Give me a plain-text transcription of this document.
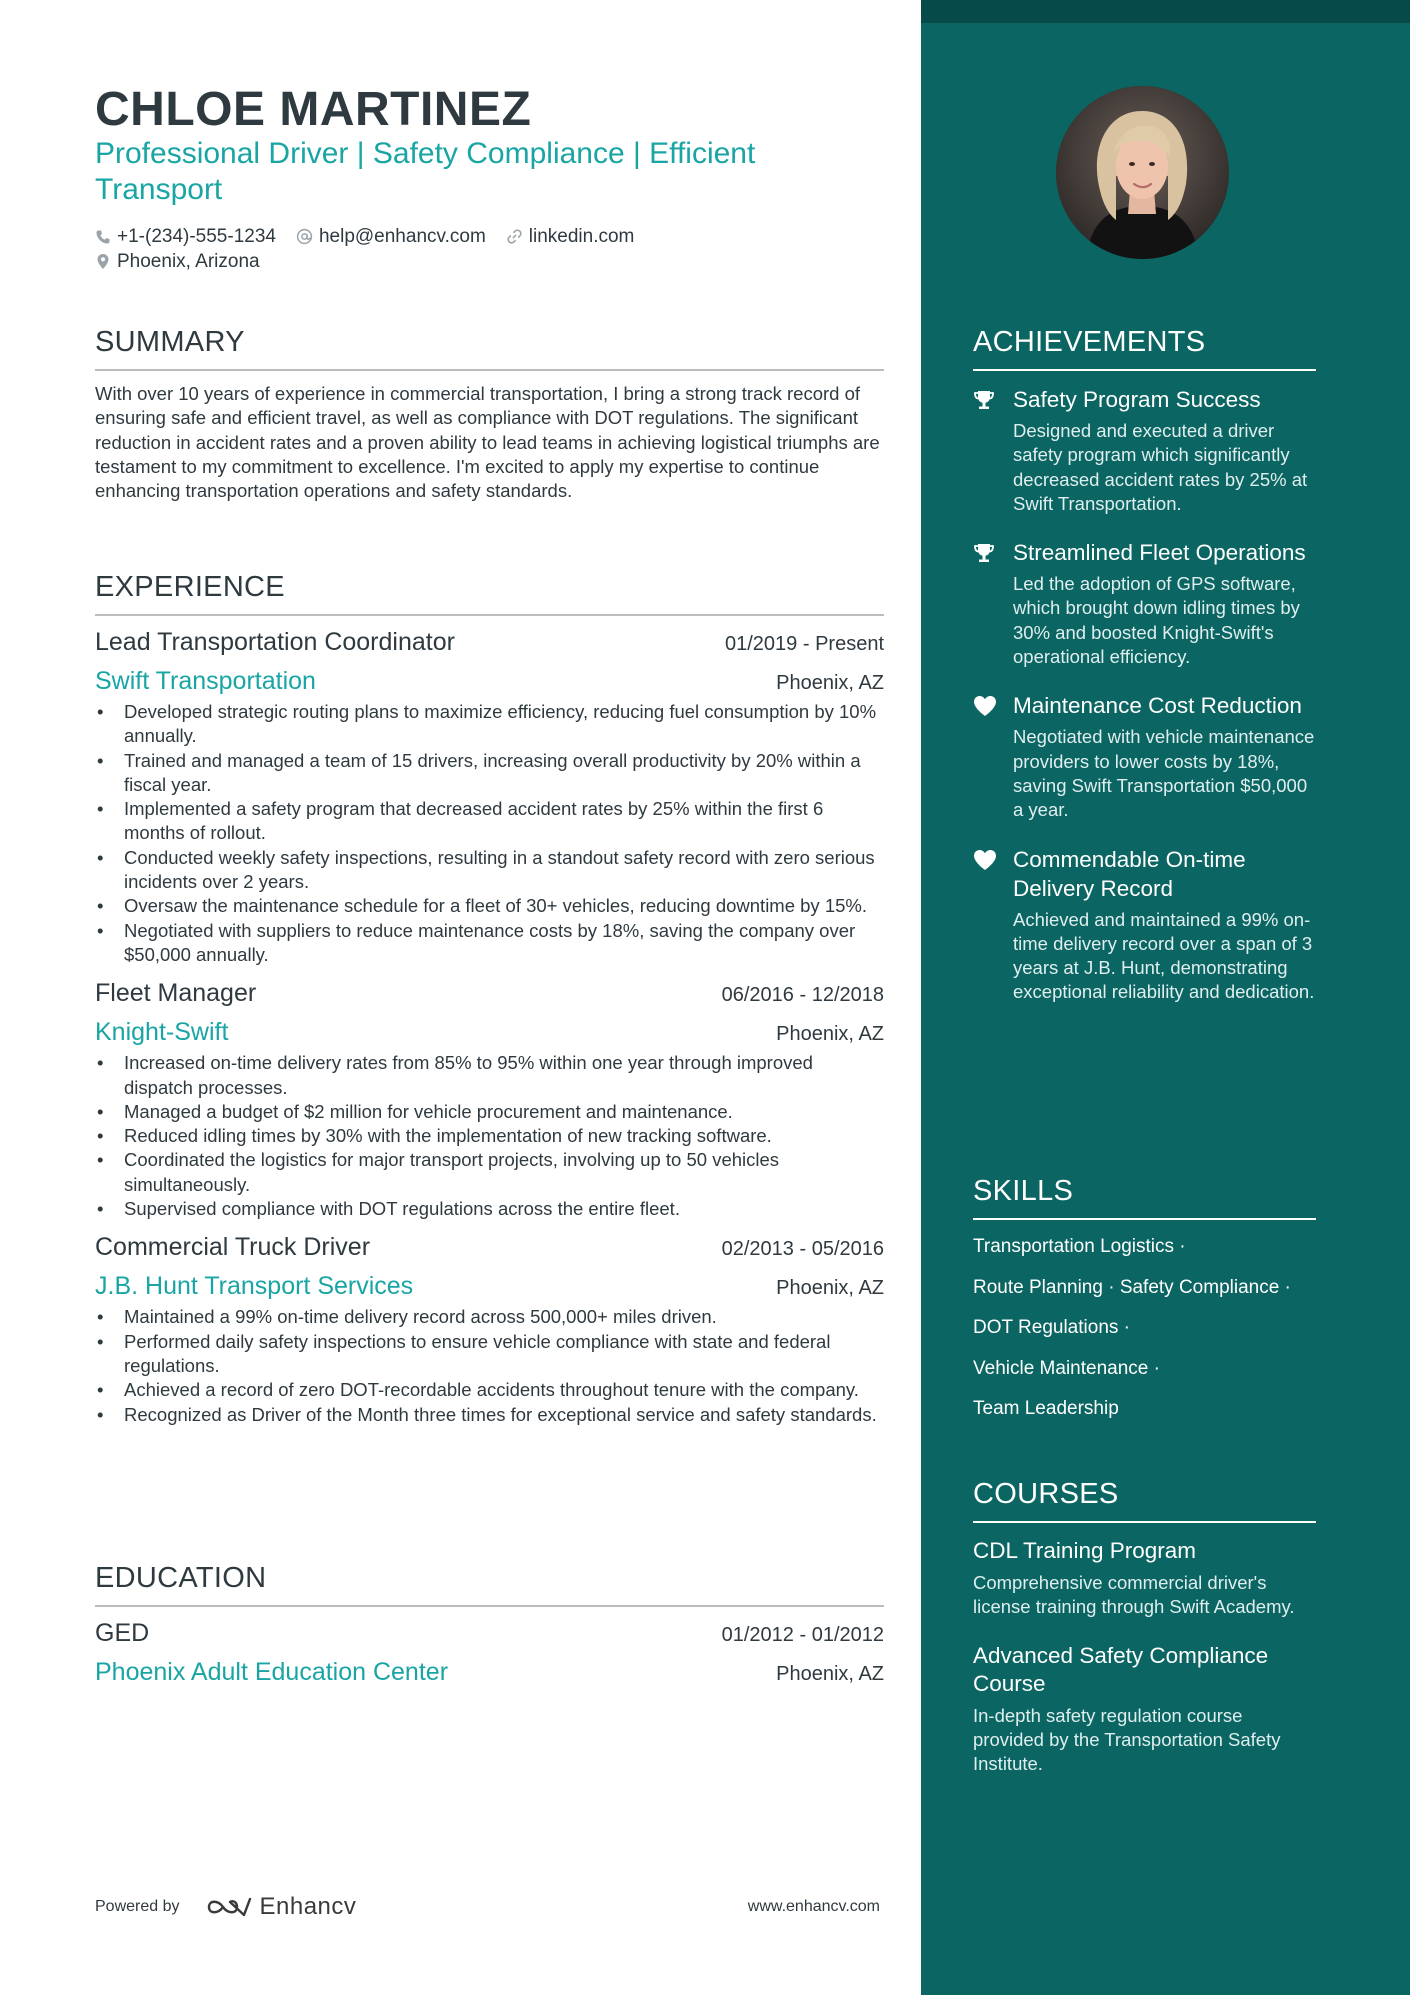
CHLOE MARTINEZ
Professional Driver | Safety Compliance | Efficient Transport
+1-(234)-555-1234 help@enhancv.com linkedin.com
Phoenix, Arizona
SUMMARY

With over 10 years of experience in commercial transportation, I bring a strong track record of ensuring safe and efficient travel, as well as compliance with DOT regulations. The significant reduction in accident rates and a proven ability to lead teams in achieving logistical triumphs are testament to my commitment to excellence. I'm excited to apply my expertise to continue enhancing transportation operations and safety standards.

EXPERIENCE
Lead Transportation Coordinator	01/2019 - Present
Swift Transportation	Phoenix, AZ
• Developed strategic routing plans to maximize efficiency, reducing fuel consumption by 10% annually.
• Trained and managed a team of 15 drivers, increasing overall productivity by 20% within a fiscal year.
• Implemented a safety program that decreased accident rates by 25% within the first 6 months of rollout.
• Conducted weekly safety inspections, resulting in a standout safety record with zero serious incidents over 2 years.
• Oversaw the maintenance schedule for a fleet of 30+ vehicles, reducing downtime by 15%.
• Negotiated with suppliers to reduce maintenance costs by 18%, saving the company over $50,000 annually.
Fleet Manager	06/2016 - 12/2018
Knight-Swift	Phoenix, AZ
• Increased on-time delivery rates from 85% to 95% within one year through improved dispatch processes.
• Managed a budget of $2 million for vehicle procurement and maintenance.
• Reduced idling times by 30% with the implementation of new tracking software.
• Coordinated the logistics for major transport projects, involving up to 50 vehicles simultaneously.
• Supervised compliance with DOT regulations across the entire fleet.
Commercial Truck Driver	02/2013 - 05/2016
J.B. Hunt Transport Services	Phoenix, AZ
• Maintained a 99% on-time delivery record across 500,000+ miles driven.
• Performed daily safety inspections to ensure vehicle compliance with state and federal regulations.
• Achieved a record of zero DOT-recordable accidents throughout tenure with the company.
• Recognized as Driver of the Month three times for exceptional service and safety standards.
EDUCATION
GED	01/2012 - 01/2012
Phoenix Adult Education Center	Phoenix, AZ
Powered by	Enhancv	www.enhancv.com
ACHIEVEMENTS
Safety Program Success
Designed and executed a driver safety program which significantly decreased accident rates by 25% at Swift Transportation.
Streamlined Fleet Operations
Led the adoption of GPS software, which brought down idling times by 30% and boosted Knight-Swift's operational efficiency.
Maintenance Cost Reduction
Negotiated with vehicle maintenance providers to lower costs by 18%, saving Swift Transportation $50,000 a year.
Commendable On-time Delivery Record
Achieved and maintained a 99% on-time delivery record over a span of 3 years at J.B. Hunt, demonstrating exceptional reliability and dedication.
SKILLS
Transportation Logistics ·
Route Planning · Safety Compliance ·
DOT Regulations ·
Vehicle Maintenance ·
Team Leadership
COURSES
CDL Training Program
Comprehensive commercial driver's license training through Swift Academy.
Advanced Safety Compliance Course
In-depth safety regulation course provided by the Transportation Safety Institute.
